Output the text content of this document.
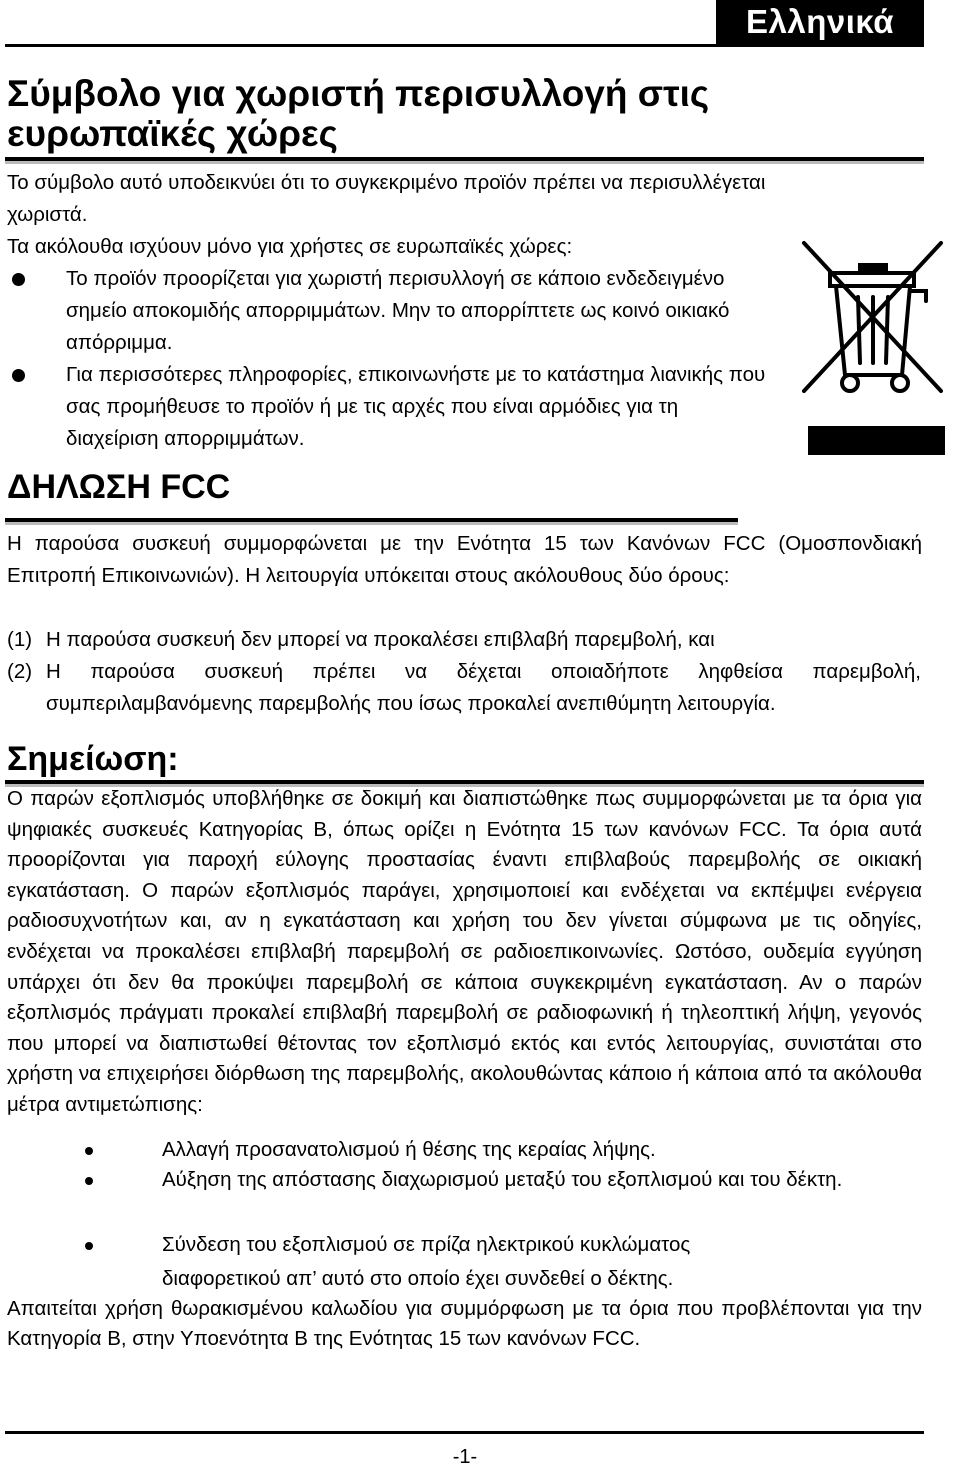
Ελληνικά
Σύμβολο για χωριστή περισυλλογή στις ευρωπαϊκές χώρες
Το σύμβολο αυτό υποδεικνύει ότι το συγκεκριμένο προϊόν πρέπει να περισυλλέγεται χωριστά.
Τα ακόλουθα ισχύουν μόνο για χρήστες σε ευρωπαϊκές χώρες:
Το προϊόν προορίζεται για χωριστή περισυλλογή σε κάποιο ενδεδειγμένο σημείο αποκομιδής απορριμμάτων. Μην το απορρίπτετε ως κοινό οικιακό απόρριμμα.
Για περισσότερες πληροφορίες, επικοινωνήστε με το κατάστημα λιανικής που σας προμήθευσε το προϊόν ή με τις αρχές που είναι αρμόδιες για τη διαχείριση απορριμμάτων.
ΔΗΛΩΣΗ FCC
Η παρούσα συσκευή συμμορφώνεται με την Ενότητα 15 των Κανόνων FCC (Ομοσπονδιακή Επιτροπή Επικοινωνιών). Η λειτουργία υπόκειται στους ακόλουθους δύο όρους:
(1) Η παρούσα συσκευή δεν μπορεί να προκαλέσει επιβλαβή παρεμβολή, και
(2) Η παρούσα συσκευή πρέπει να δέχεται οποιαδήποτε ληφθείσα παρεμβολή, συμπεριλαμβανόμενης παρεμβολής που ίσως προκαλεί ανεπιθύμητη λειτουργία.
Σημείωση:
Ο παρών εξοπλισμός υποβλήθηκε σε δοκιμή και διαπιστώθηκε πως συμμορφώνεται με τα όρια για ψηφιακές συσκευές Κατηγορίας B, όπως ορίζει η Ενότητα 15 των κανόνων FCC. Τα όρια αυτά προορίζονται για παροχή εύλογης προστασίας έναντι επιβλαβούς παρεμβολής σε οικιακή εγκατάσταση. Ο παρών εξοπλισμός παράγει, χρησιμοποιεί και ενδέχεται να εκπέμψει ενέργεια ραδιοσυχνοτήτων και, αν η εγκατάσταση και χρήση του δεν γίνεται σύμφωνα με τις οδηγίες, ενδέχεται να προκαλέσει επιβλαβή παρεμβολή σε ραδιοεπικοινωνίες. Ωστόσο, ουδεμία εγγύηση υπάρχει ότι δεν θα προκύψει παρεμβολή σε κάποια συγκεκριμένη εγκατάσταση. Αν ο παρών εξοπλισμός πράγματι προκαλεί επιβλαβή παρεμβολή σε ραδιοφωνική ή τηλεοπτική λήψη, γεγονός που μπορεί να διαπιστωθεί θέτοντας τον εξοπλισμό εκτός και εντός λειτουργίας, συνιστάται στο χρήστη να επιχειρήσει διόρθωση της παρεμβολής, ακολουθώντας κάποιο ή κάποια από τα ακόλουθα μέτρα αντιμετώπισης:
Αλλαγή προσανατολισμού ή θέσης της κεραίας λήψης.
Αύξηση της απόστασης διαχωρισμού μεταξύ του εξοπλισμού και του δέκτη.
Σύνδεση του εξοπλισμού σε πρίζα ηλεκτρικού κυκλώματος
διαφορετικού απ’ αυτό στο οποίο έχει συνδεθεί ο δέκτης.
Απαιτείται χρήση θωρακισμένου καλωδίου για συμμόρφωση με τα όρια που προβλέπονται για την Κατηγορία B, στην Υποενότητα B της Ενότητας 15 των κανόνων FCC.
-1-
